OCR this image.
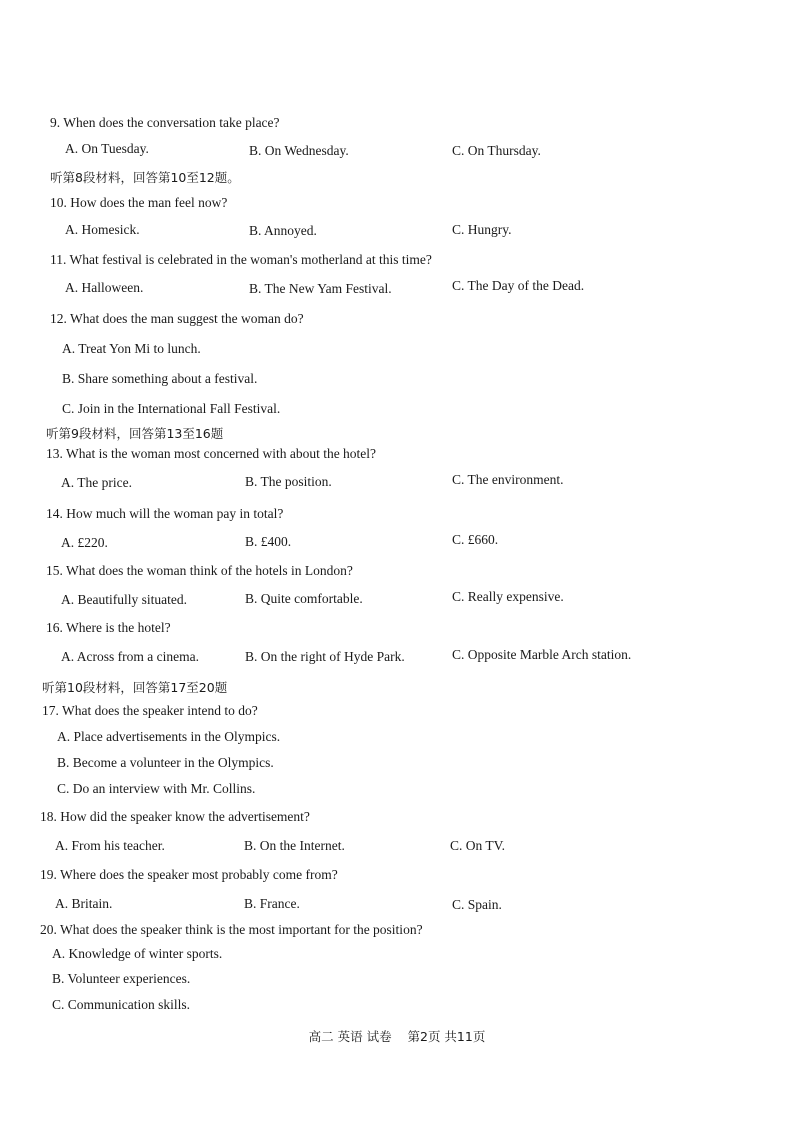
9. When does the conversation take place?
A. On Tuesday.	B. On Wednesday.	C. On Thursday.
听第8段材料，回答第10至12题。
10. How does the man feel now?
A. Homesick.	B. Annoyed.	C. Hungry.
11. What festival is celebrated in the woman's motherland at this time?
A. Halloween.	B. The New Yam Festival.	C. The Day of the Dead.
12. What does the man suggest the woman do?
A. Treat Yon Mi to lunch.
B. Share something about a festival.
C. Join in the International Fall Festival.
听第9段材料，回答第13至16题
13. What is the woman most concerned with about the hotel?
A. The price.	B. The position.	C. The environment.
14. How much will the woman pay in total?
A. £220.	B. £400.	C. £660.
15. What does the woman think of the hotels in London?
A. Beautifully situated.	B. Quite comfortable.	C. Really expensive.
16. Where is the hotel?
A. Across from a cinema.	B. On the right of Hyde Park.	C. Opposite Marble Arch station.
听第10段材料，回答第17至20题
17. What does the speaker intend to do?
A. Place advertisements in the Olympics.
B. Become a volunteer in the Olympics.
C. Do an interview with Mr. Collins.
18. How did the speaker know the advertisement?
A. From his teacher.	B. On the Internet.	C. On TV.
19. Where does the speaker most probably come from?
A. Britain.	B. France.	C. Spain.
20. What does the speaker think is the most important for the position?
A. Knowledge of winter sports.
B. Volunteer experiences.
C. Communication skills.
高二 英语 试卷    第2页 共11页
